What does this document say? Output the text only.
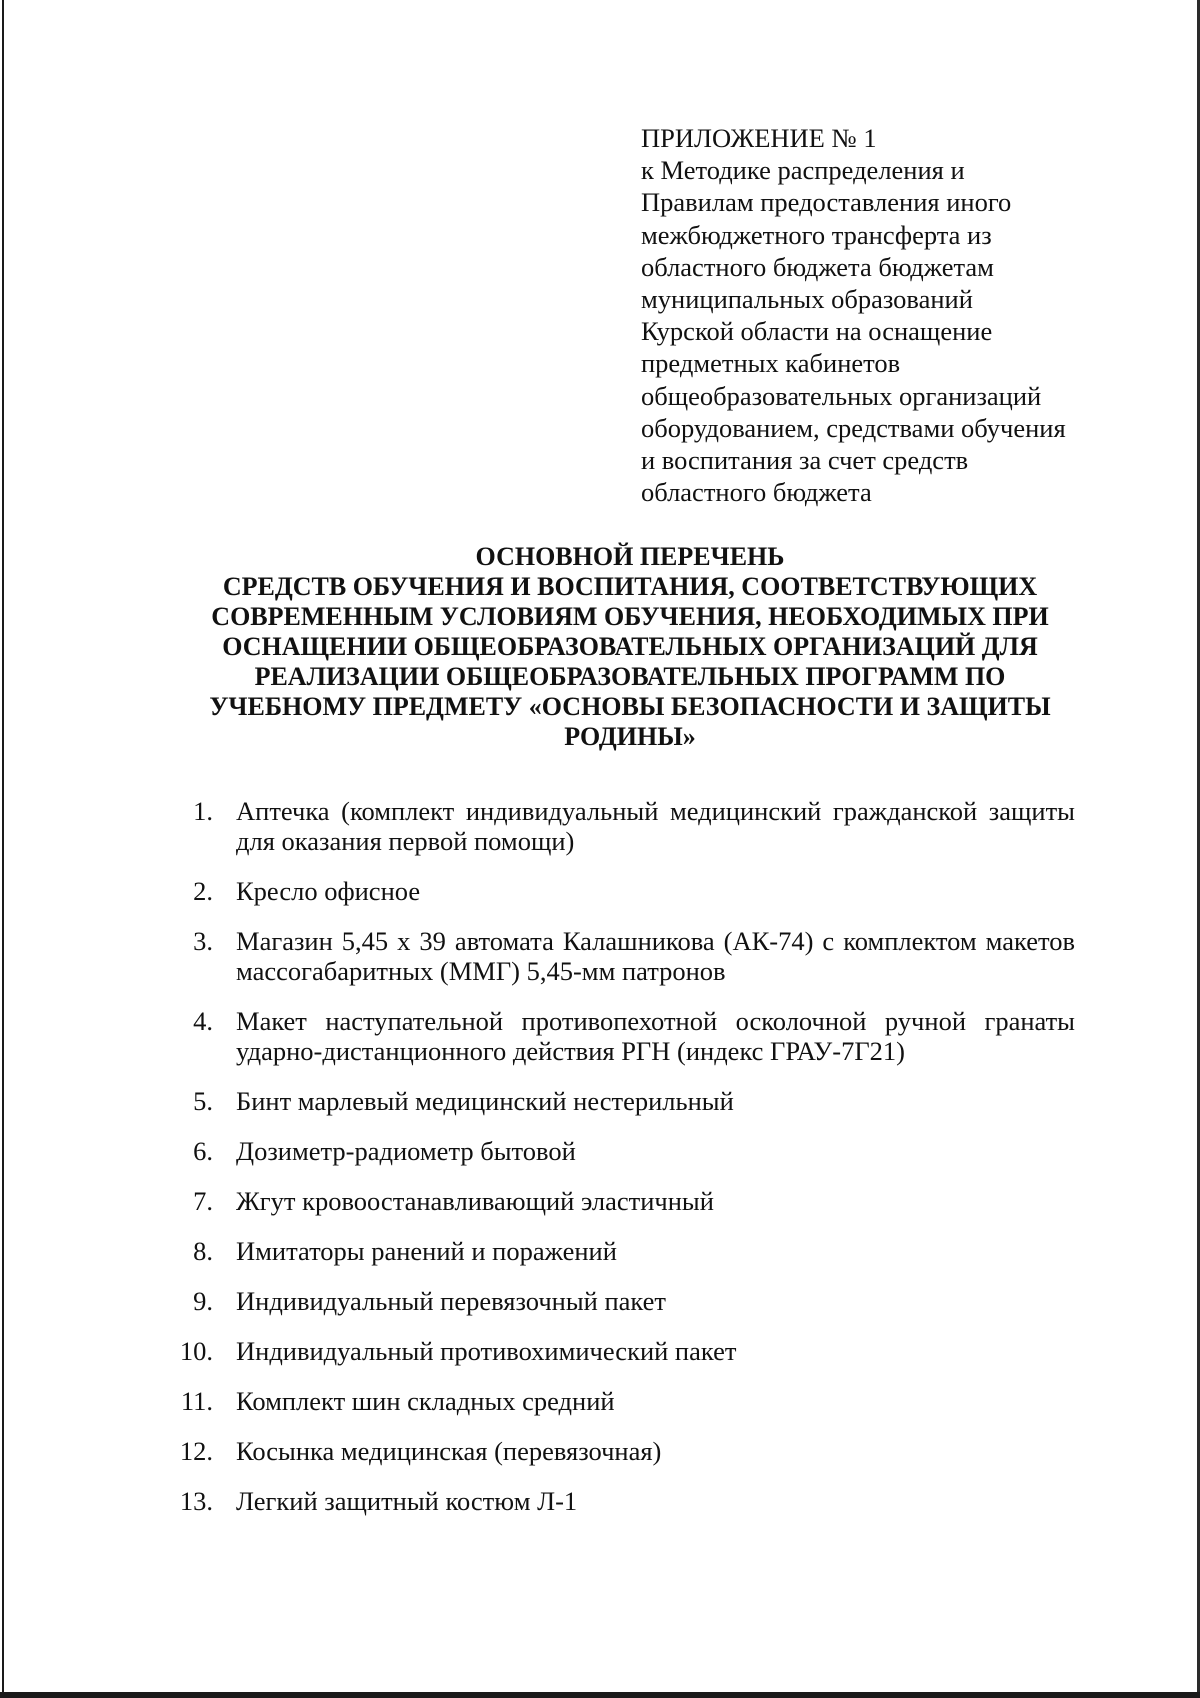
ПРИЛОЖЕНИЕ № 1
к Методике распределения и
Правилам предоставления иного
межбюджетного трансферта из
областного бюджета бюджетам
муниципальных образований
Курской области на оснащение
предметных кабинетов
общеобразовательных организаций
оборудованием, средствами обучения
и воспитания за счет средств
областного бюджета
ОСНОВНОЙ ПЕРЕЧЕНЬ
СРЕДСТВ ОБУЧЕНИЯ И ВОСПИТАНИЯ, СООТВЕТСТВУЮЩИХ
СОВРЕМЕННЫМ УСЛОВИЯМ ОБУЧЕНИЯ, НЕОБХОДИМЫХ ПРИ
ОСНАЩЕНИИ ОБЩЕОБРАЗОВАТЕЛЬНЫХ ОРГАНИЗАЦИЙ ДЛЯ
РЕАЛИЗАЦИИ ОБЩЕОБРАЗОВАТЕЛЬНЫХ ПРОГРАММ ПО
УЧЕБНОМУ ПРЕДМЕТУ «ОСНОВЫ БЕЗОПАСНОСТИ И ЗАЩИТЫ
РОДИНЫ»
1. Аптечка (комплект индивидуальный медицинский гражданской защиты
для оказания первой помощи)
2. Кресло офисное
3. Магазин 5,45 х 39 автомата Калашникова (АК-74) с комплектом макетов
массогабаритных (ММГ) 5,45-мм патронов
4. Макет наступательной противопехотной осколочной ручной гранаты
ударно-дистанционного действия РГН (индекс ГРАУ-7Г21)
5. Бинт марлевый медицинский нестерильный
6. Дозиметр-радиометр бытовой
7. Жгут кровоостанавливающий эластичный
8. Имитаторы ранений и поражений
9. Индивидуальный перевязочный пакет
10. Индивидуальный противохимический пакет
11. Комплект шин складных средний
12. Косынка медицинская (перевязочная)
13. Легкий защитный костюм Л-1
